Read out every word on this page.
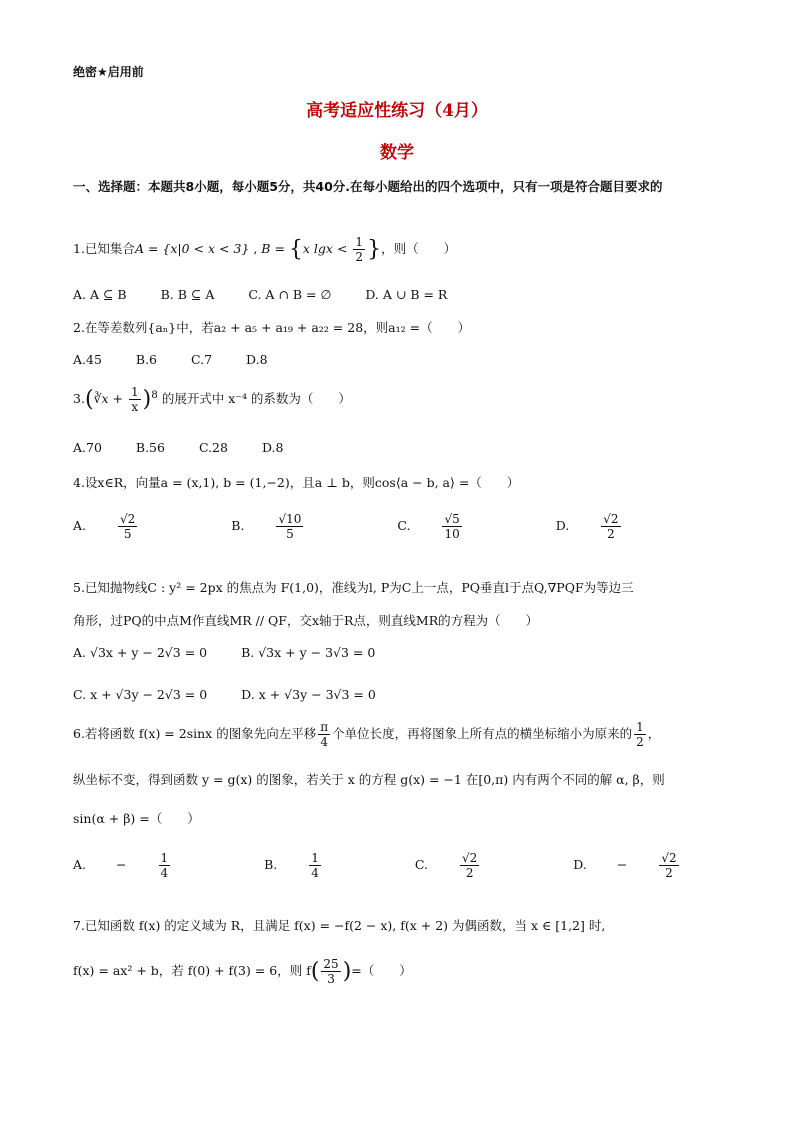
绝密★启用前
高考适应性练习（4月）
数学
一、选择题：本题共8小题，每小题5分，共40分.在每小题给出的四个选项中，只有一项是符合题目要求的
1.已知集合A = {x|0 < x < 3} , B = {x $\lg x < \frac{1}{2}$ }，则（　　）
A. A ⊆ B	B. B ⊆ A	C. A ∩ B = ∅	D. A ∪ B = R
2.在等差数列{aₙ}中，若a₂ + a₅ + a₁₉ + a₂₂ = 28，则a₁₂ =（　　）
A.45	B.6	C.7	D.8
3.(∛x + $\frac{1}{x} )^8$ 的展开式中 x⁻⁴ 的系数为（　　）
A.70	B.56	C.28	D.8
4.设x∈R，向量a = (x,1), b = (1,−2)，且a ⊥ b，则cos⟨a − b, a⟩ =（　　）
A.	$\frac{√2}{5}$	B.	$\frac{√10}{5}$	C.	$\frac{√5}{10}$	D.	$\frac{√2}{2}$
5.已知抛物线C : y² = 2px 的焦点为 F(1,0)，准线为l, P为C上一点，PQ垂直l于点Q,∇PQF为等边三
角形，过PQ的中点M作直线MR // QF，交x轴于R点，则直线MR的方程为（　　）
A. √3x + y − 2√3 = 0	B. √3x + y − 3√3 = 0
C. x + √3y − 2√3 = 0	D. x + √3y − 3√3 = 0
6.若将函数 f(x) = 2sinx 的图象先向左平移 $\frac{\pi}{4}$ 个单位长度，再将图象上所有点的横坐标缩小为原来的 $\frac{1}{2}$ ，
纵坐标不变，得到函数 y = g(x) 的图象，若关于 x 的方程 g(x) = −1 在[0,π) 内有两个不同的解 α, β，则
sin(α + β) =（　　）
A. −	$\frac{1}{4}$	B.	$\frac{1}{4}$	C.	$\frac{√2}{2}$	D. −	$\frac{√2}{2}$
7.已知函数 f(x) 的定义域为 R，且满足 f(x) = −f(2 − x), f(x + 2) 为偶函数，当 x ∈ [1,2] 时,
f(x) = ax² + b，若 f(0) + f(3) = 6，则 $f( \frac{25}{3}$ )=（　　）
